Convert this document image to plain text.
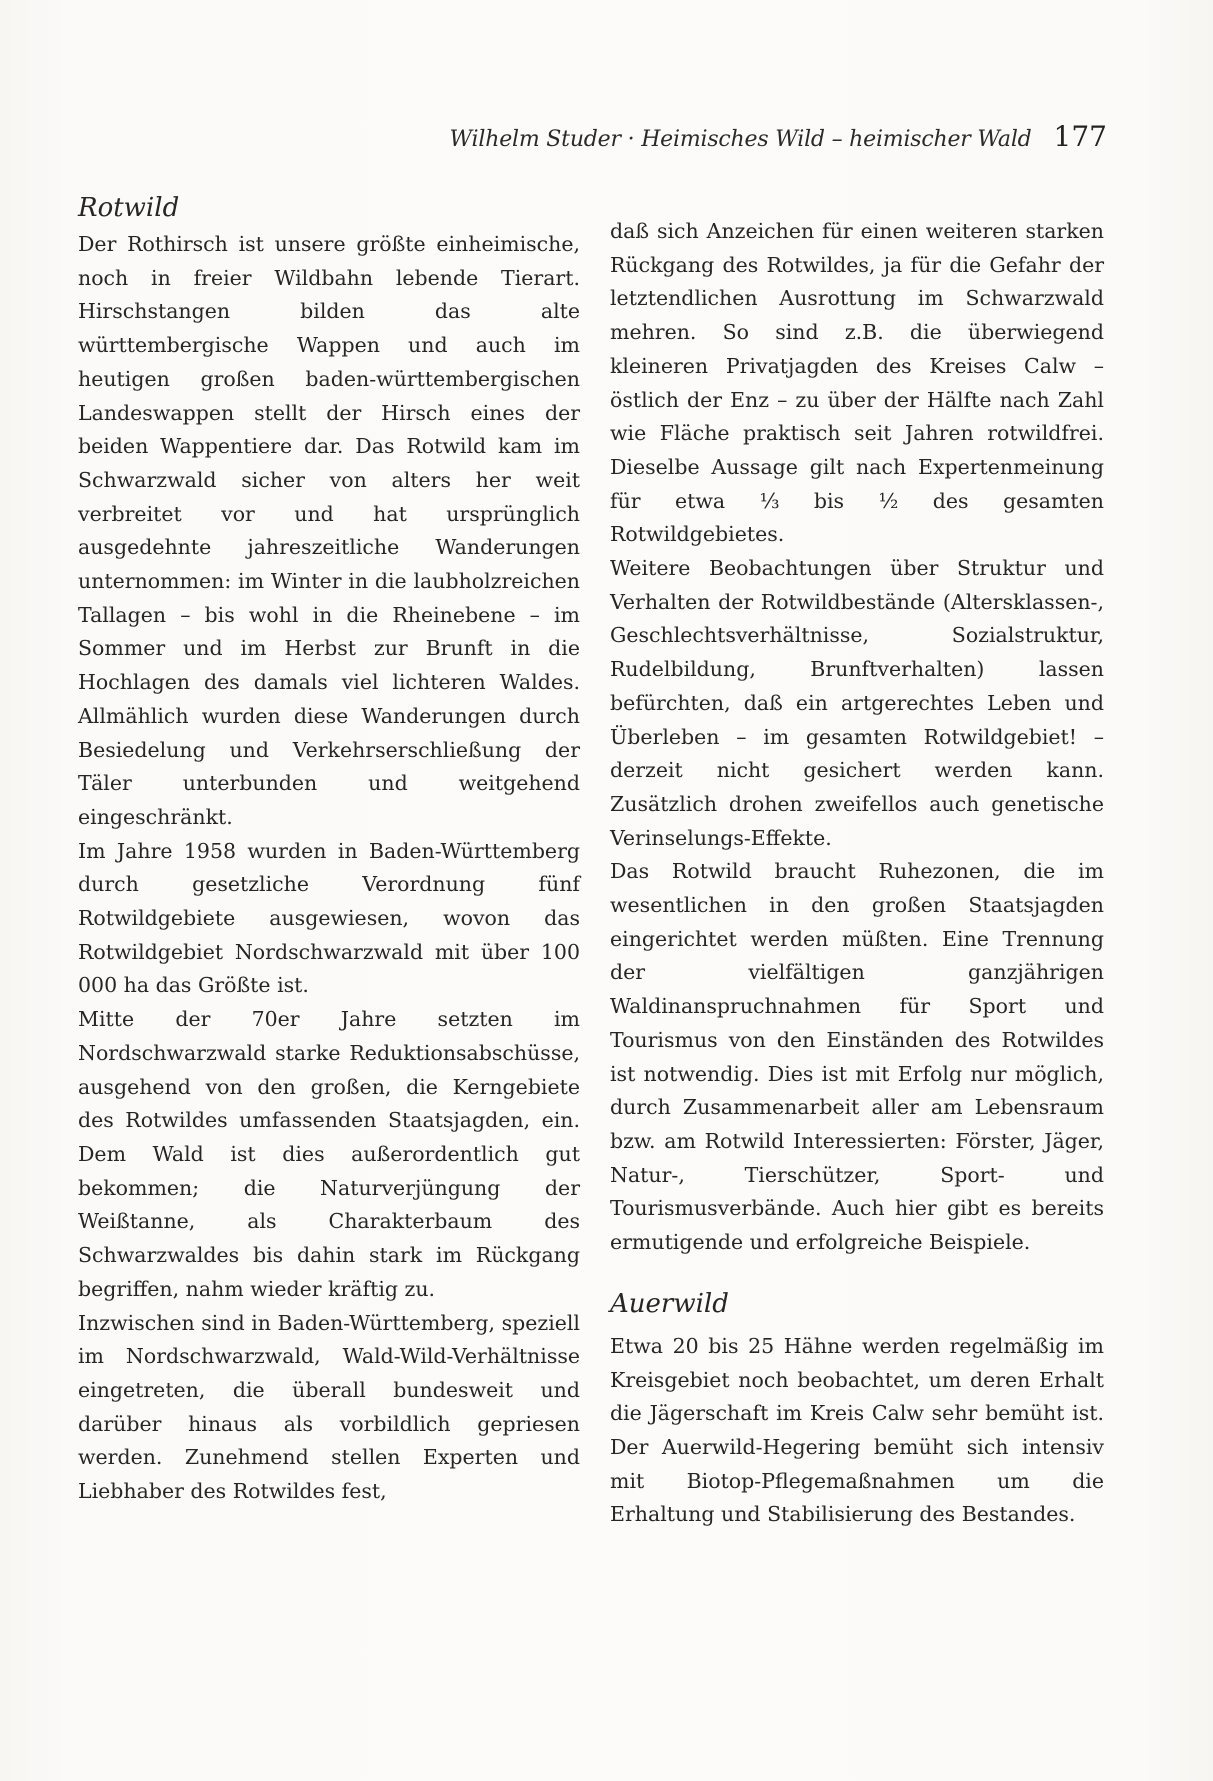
Wilhelm Studer · Heimisches Wild – heimischer Wald 177
Rotwild

Der Rothirsch ist unsere größte einheimische, noch in freier Wildbahn lebende Tierart. Hirschstangen bilden das alte württembergische Wappen und auch im heutigen großen baden-württembergischen Landeswappen stellt der Hirsch eines der beiden Wappentiere dar. Das Rotwild kam im Schwarzwald sicher von alters her weit verbreitet vor und hat ursprünglich ausgedehnte jahreszeitliche Wanderungen unternommen: im Winter in die laubholzreichen Tallagen – bis wohl in die Rheinebene – im Sommer und im Herbst zur Brunft in die Hochlagen des damals viel lichteren Waldes. Allmählich wurden diese Wanderungen durch Besiedelung und Verkehrserschließung der Täler unterbunden und weitgehend eingeschränkt.

Im Jahre 1958 wurden in Baden-Württemberg durch gesetzliche Verordnung fünf Rotwildgebiete ausgewiesen, wovon das Rotwildgebiet Nordschwarzwald mit über 100 000 ha das Größte ist.

Mitte der 70er Jahre setzten im Nordschwarzwald starke Reduktionsabschüsse, ausgehend von den großen, die Kerngebiete des Rotwildes umfassenden Staatsjagden, ein. Dem Wald ist dies außerordentlich gut bekommen; die Naturverjüngung der Weißtanne, als Charakterbaum des Schwarzwaldes bis dahin stark im Rückgang begriffen, nahm wieder kräftig zu.

Inzwischen sind in Baden-Württemberg, speziell im Nordschwarzwald, Wald-Wild-Verhältnisse eingetreten, die überall bundesweit und darüber hinaus als vorbildlich gepriesen werden. Zunehmend stellen Experten und Liebhaber des Rotwildes fest,

daß sich Anzeichen für einen weiteren starken Rückgang des Rotwildes, ja für die Gefahr der letztendlichen Ausrottung im Schwarzwald mehren. So sind z.B. die überwiegend kleineren Privatjagden des Kreises Calw – östlich der Enz – zu über der Hälfte nach Zahl wie Fläche praktisch seit Jahren rotwildfrei. Dieselbe Aussage gilt nach Expertenmeinung für etwa ⅓ bis ½ des gesamten Rotwildgebietes.

Weitere Beobachtungen über Struktur und Verhalten der Rotwildbestände (Altersklassen-, Geschlechtsverhältnisse, Sozialstruktur, Rudelbildung, Brunftverhalten) lassen befürchten, daß ein artgerechtes Leben und Überleben – im gesamten Rotwildgebiet! – derzeit nicht gesichert werden kann. Zusätzlich drohen zweifellos auch genetische Verinselungs-Effekte.

Das Rotwild braucht Ruhezonen, die im wesentlichen in den großen Staatsjagden eingerichtet werden müßten. Eine Trennung der vielfältigen ganzjährigen Waldinanspruchnahmen für Sport und Tourismus von den Einständen des Rotwildes ist notwendig. Dies ist mit Erfolg nur möglich, durch Zusammenarbeit aller am Lebensraum bzw. am Rotwild Interessierten: Förster, Jäger, Natur-, Tierschützer, Sport- und Tourismusverbände. Auch hier gibt es bereits ermutigende und erfolgreiche Beispiele.

Auerwild

Etwa 20 bis 25 Hähne werden regelmäßig im Kreisgebiet noch beobachtet, um deren Erhalt die Jägerschaft im Kreis Calw sehr bemüht ist. Der Auerwild-Hegering bemüht sich intensiv mit Biotop-Pflegemaßnahmen um die Erhaltung und Stabilisierung des Bestandes.
